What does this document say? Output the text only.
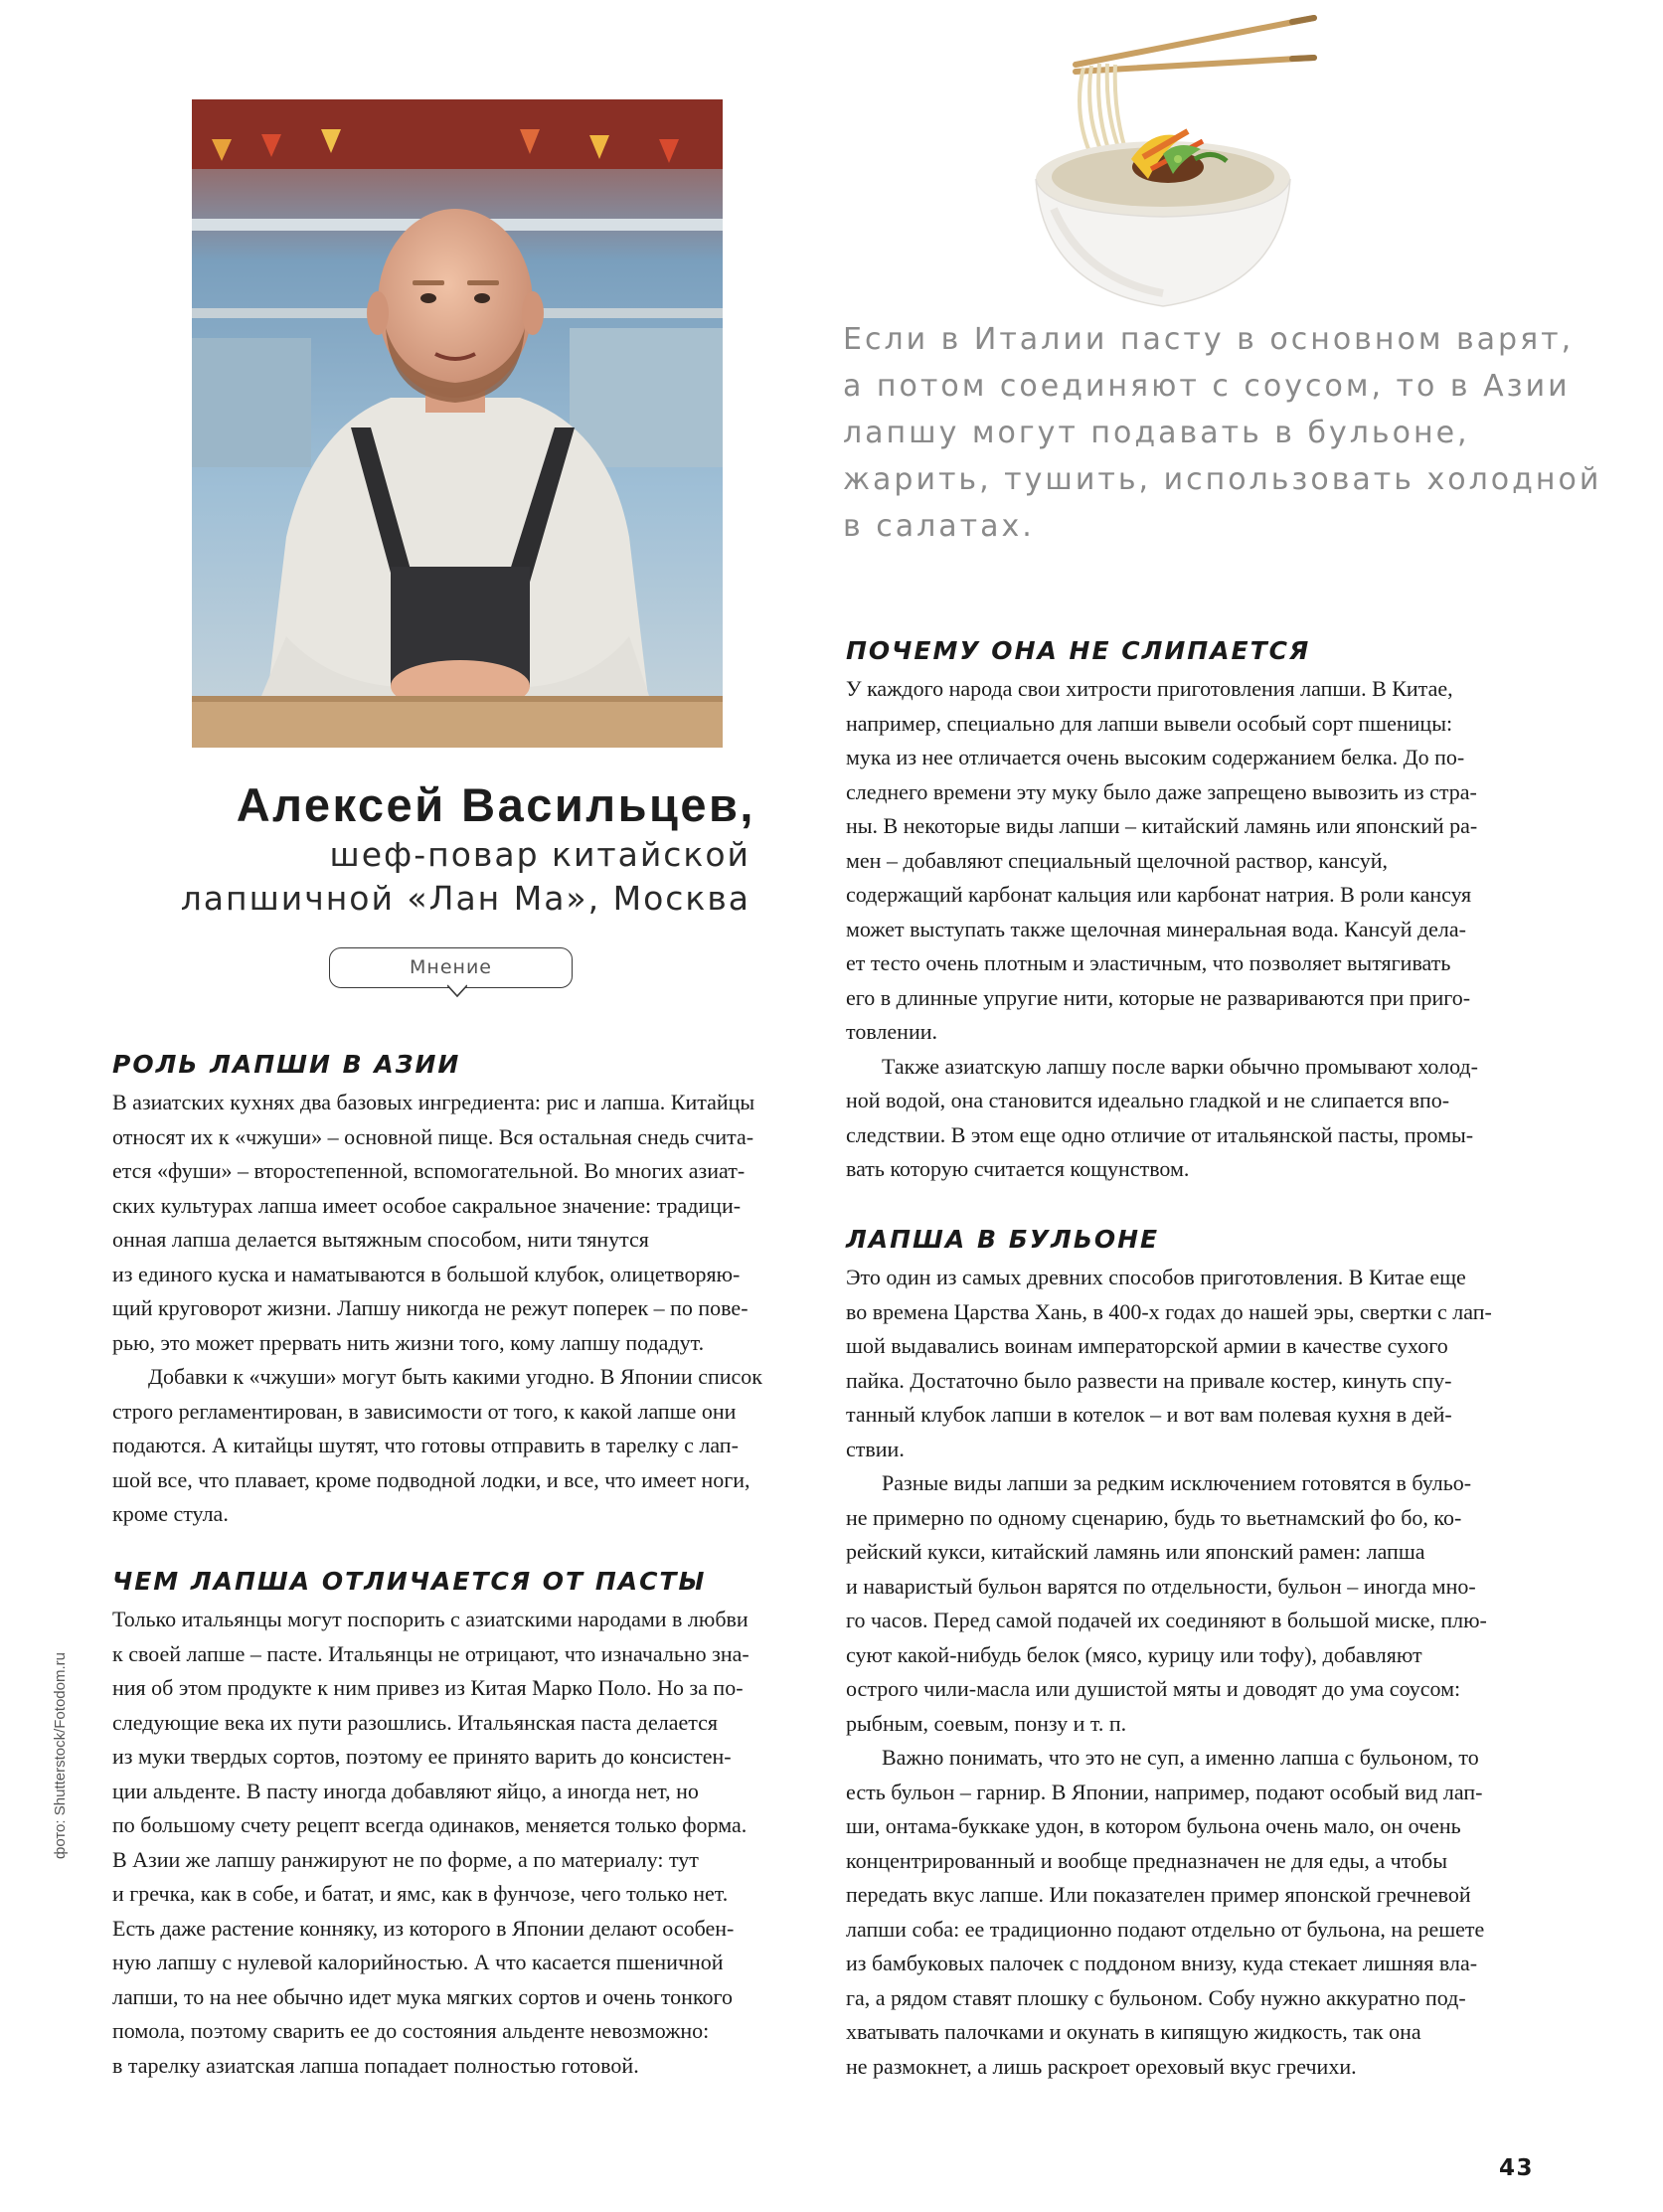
Если в Италии пасту в основном варят,
а потом соединяют с соусом, то в Азии
лапшу могут подавать в бульоне,
жарить, тушить, использовать холодной
в салатах.
Алексей Васильцев,
шеф-повар китайской
лапшичной «Лан Ма», Москва
Мнение
РОЛЬ ЛАПШИ В АЗИИ
В азиатских кухнях два базовых ингредиента: рис и лапша. Китайцы
относят их к «чжуши» – основной пище. Вся остальная снедь счита-
ется «фуши» – второстепенной, вспомогательной. Во многих азиат-
ских культурах лапша имеет особое сакральное значение: традици-
онная лапша делается вытяжным способом, нити тянутся
из единого куска и наматываются в большой клубок, олицетворяю-
щий круговорот жизни. Лапшу никогда не режут поперек – по пове-
рью, это может прервать нить жизни того, кому лапшу подадут.
Добавки к «чжуши» могут быть какими угодно. В Японии список
строго регламентирован, в зависимости от того, к какой лапше они
подаются. А китайцы шутят, что готовы отправить в тарелку с лап-
шой все, что плавает, кроме подводной лодки, и все, что имеет ноги,
кроме стула.
ЧЕМ ЛАПША ОТЛИЧАЕТСЯ ОТ ПАСТЫ
Только итальянцы могут поспорить с азиатскими народами в любви
к своей лапше – пасте. Итальянцы не отрицают, что изначально зна-
ния об этом продукте к ним привез из Китая Марко Поло. Но за по-
следующие века их пути разошлись. Итальянская паста делается
из муки твердых сортов, поэтому ее принято варить до консистен-
ции альденте. В пасту иногда добавляют яйцо, а иногда нет, но
по большому счету рецепт всегда одинаков, меняется только форма.
В Азии же лапшу ранжируют не по форме, а по материалу: тут
и гречка, как в собе, и батат, и ямс, как в фунчозе, чего только нет.
Есть даже растение конняку, из которого в Японии делают особен-
ную лапшу с нулевой калорийностью. А что касается пшеничной
лапши, то на нее обычно идет мука мягких сортов и очень тонкого
помола, поэтому сварить ее до состояния альденте невозможно:
в тарелку азиатская лапша попадает полностью готовой.
ПОЧЕМУ ОНА НЕ СЛИПАЕТСЯ
У каждого народа свои хитрости приготовления лапши. В Китае,
например, специально для лапши вывели особый сорт пшеницы:
мука из нее отличается очень высоким содержанием белка. До по-
следнего времени эту муку было даже запрещено вывозить из стра-
ны. В некоторые виды лапши – китайский ламянь или японский ра-
мен – добавляют специальный щелочной раствор, кансуй,
содержащий карбонат кальция или карбонат натрия. В роли кансуя
может выступать также щелочная минеральная вода. Кансуй дела-
ет тесто очень плотным и эластичным, что позволяет вытягивать
его в длинные упругие нити, которые не развариваются при приго-
товлении.
Также азиатскую лапшу после варки обычно промывают холод-
ной водой, она становится идеально гладкой и не слипается впо-
следствии. В этом еще одно отличие от итальянской пасты, промы-
вать которую считается кощунством.
ЛАПША В БУЛЬОНЕ
Это один из самых древних способов приготовления. В Китае еще
во времена Царства Хань, в 400-х годах до нашей эры, свертки с лап-
шой выдавались воинам императорской армии в качестве сухого
пайка. Достаточно было развести на привале костер, кинуть спу-
танный клубок лапши в котелок – и вот вам полевая кухня в дей-
ствии.
Разные виды лапши за редким исключением готовятся в бульо-
не примерно по одному сценарию, будь то вьетнамский фо бо, ко-
рейский кукси, китайский ламянь или японский рамен: лапша
и наваристый бульон варятся по отдельности, бульон – иногда мно-
го часов. Перед самой подачей их соединяют в большой миске, плю-
суют какой-нибудь белок (мясо, курицу или тофу), добавляют
острого чили-масла или душистой мяты и доводят до ума соусом:
рыбным, соевым, понзу и т. п.
Важно понимать, что это не суп, а именно лапша с бульоном, то
есть бульон – гарнир. В Японии, например, подают особый вид лап-
ши, онтама-буккаке удон, в котором бульона очень мало, он очень
концентрированный и вообще предназначен не для еды, а чтобы
передать вкус лапше. Или показателен пример японской гречневой
лапши соба: ее традиционно подают отдельно от бульона, на решете
из бамбуковых палочек с поддоном внизу, куда стекает лишняя вла-
га, а рядом ставят плошку с бульоном. Собу нужно аккуратно под-
хватывать палочками и окунать в кипящую жидкость, так она
не размокнет, а лишь раскроет ореховый вкус гречихи.
фото: Shutterstock/Fotodom.ru
43
